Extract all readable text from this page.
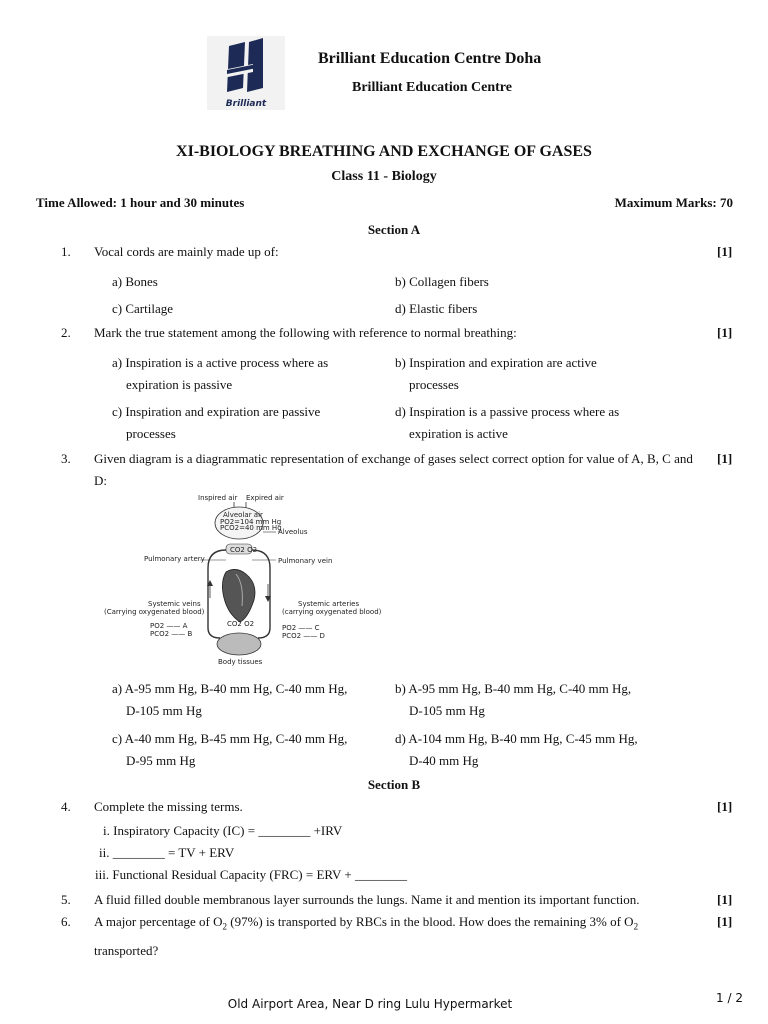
Brilliant
Brilliant Education Centre Doha
Brilliant Education Centre
XI-BIOLOGY BREATHING AND EXCHANGE OF GASES
Class 11 - Biology
Time Allowed: 1 hour and 30 minutes	Maximum Marks: 70
Section A
1. Vocal cords are mainly made up of:	[1]
a) Bones	b) Collagen fibers
c) Cartilage	d) Elastic fibers
2. Mark the true statement among the following with reference to normal breathing:	[1]
a) Inspiration is a active process where as
expiration is passive
b) Inspiration and expiration are active
processes
c) Inspiration and expiration are passive
processes
d) Inspiration is a passive process where as
expiration is active
3. Given diagram is a diagrammatic representation of exchange of gases select correct option for value of A, B, C and D:
[1]
Inspired air Expired air
Alveolar air
PO2=104 mm Hg
PCO2=40 mm Hg
Alveolus
CO2 O2
Pulmonary artery	Pulmonary vein
Systemic veins
(Carrying oxygenated blood)
Systemic arteries
(carrying oxygenated blood)
PO2 —— A
PCO2 —— B
PO2 —— C
PCO2 —— D
CO2 O2
Body tissues
a) A-95 mm Hg, B-40 mm Hg, C-40 mm Hg,
D-105 mm Hg
b) A-95 mm Hg, B-40 mm Hg, C-40 mm Hg,
D-105 mm Hg
c) A-40 mm Hg, B-45 mm Hg, C-40 mm Hg,
D-95 mm Hg
d) A-104 mm Hg, B-40 mm Hg, C-45 mm Hg,
D-40 mm Hg
Section B
4. Complete the missing terms.	[1]
i. Inspiratory Capacity (IC) = ________ +IRV
ii. ________ = TV + ERV
iii. Functional Residual Capacity (FRC) = ERV + ________
5. A fluid filled double membranous layer surrounds the lungs. Name it and mention its important function.	[1]
6. A major percentage of $O_2$ (97%) is transported by RBCs in the blood. How does the remaining 3% of $O_2$
transported?
[1]
Old Airport Area, Near D ring Lulu Hypermarket	1 / 2
